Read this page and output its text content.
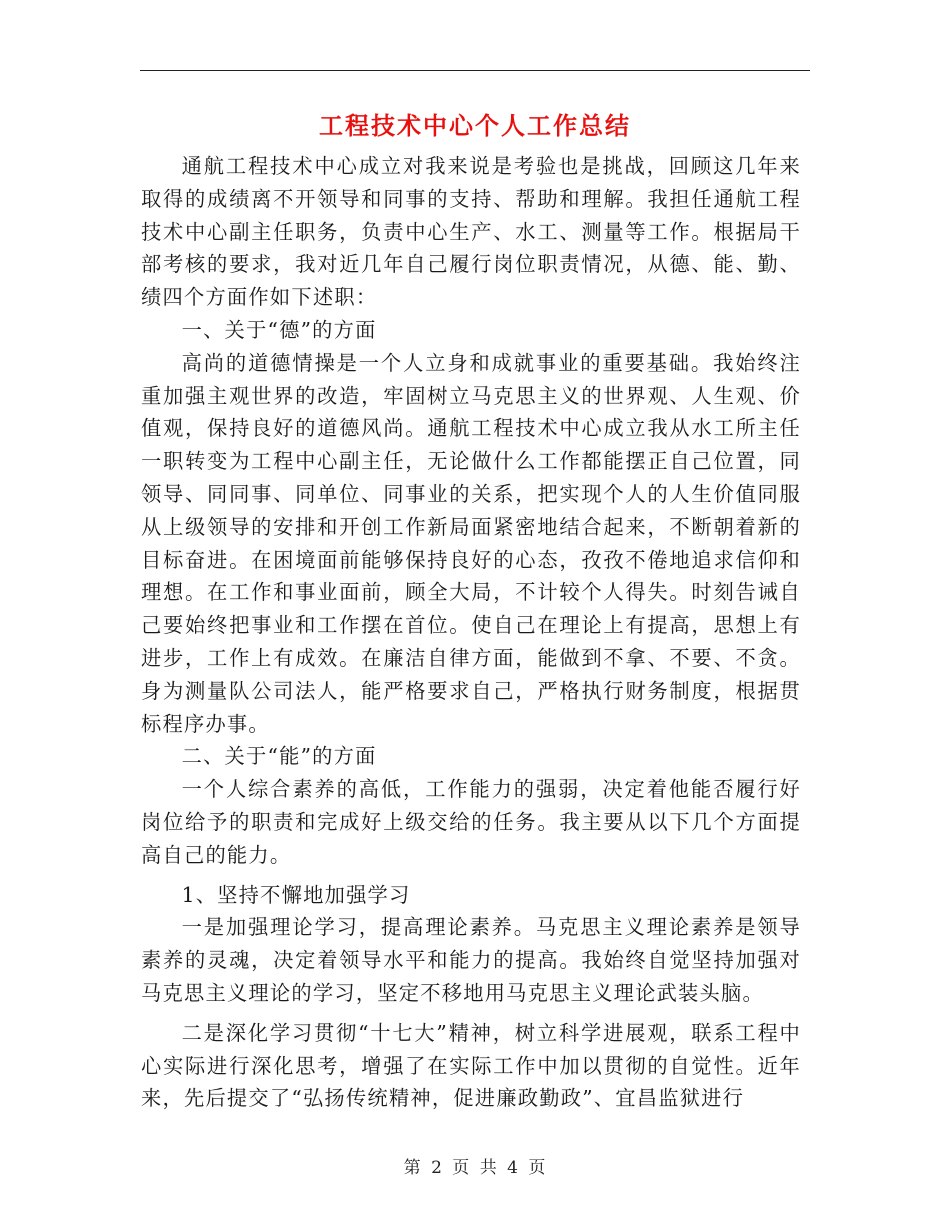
工程技术中心个人工作总结

通航工程技术中心成立对我来说是考验也是挑战，回顾这几年来取得的成绩离不开领导和同事的支持、帮助和理解。我担任通航工程技术中心副主任职务，负责中心生产、水工、测量等工作。根据局干部考核的要求，我对近几年自己履行岗位职责情况，从德、能、勤、绩四个方面作如下述职：

一、关于“德”的方面

高尚的道德情操是一个人立身和成就事业的重要基础。我始终注重加强主观世界的改造，牢固树立马克思主义的世界观、人生观、价值观，保持良好的道德风尚。通航工程技术中心成立我从水工所主任一职转变为工程中心副主任，无论做什么工作都能摆正自己位置，同领导、同同事、同单位、同事业的关系，把实现个人的人生价值同服从上级领导的安排和开创工作新局面紧密地结合起来，不断朝着新的目标奋进。在困境面前能够保持良好的心态，孜孜不倦地追求信仰和理想。在工作和事业面前，顾全大局，不计较个人得失。时刻告诫自己要始终把事业和工作摆在首位。使自己在理论上有提高，思想上有进步，工作上有成效。在廉洁自律方面，能做到不拿、不要、不贪。身为测量队公司法人，能严格要求自己，严格执行财务制度，根据贯标程序办事。

二、关于“能”的方面

一个人综合素养的高低，工作能力的强弱，决定着他能否履行好岗位给予的职责和完成好上级交给的任务。我主要从以下几个方面提高自己的能力。

1、坚持不懈地加强学习

一是加强理论学习，提高理论素养。马克思主义理论素养是领导素养的灵魂，决定着领导水平和能力的提高。我始终自觉坚持加强对马克思主义理论的学习，坚定不移地用马克思主义理论武装头脑。

二是深化学习贯彻“十七大”精神，树立科学进展观，联系工程中心实际进行深化思考，增强了在实际工作中加以贯彻的自觉性。近年来，先后提交了“弘扬传统精神，促进廉政勤政”、宜昌监狱进行

第 2 页 共 4 页
